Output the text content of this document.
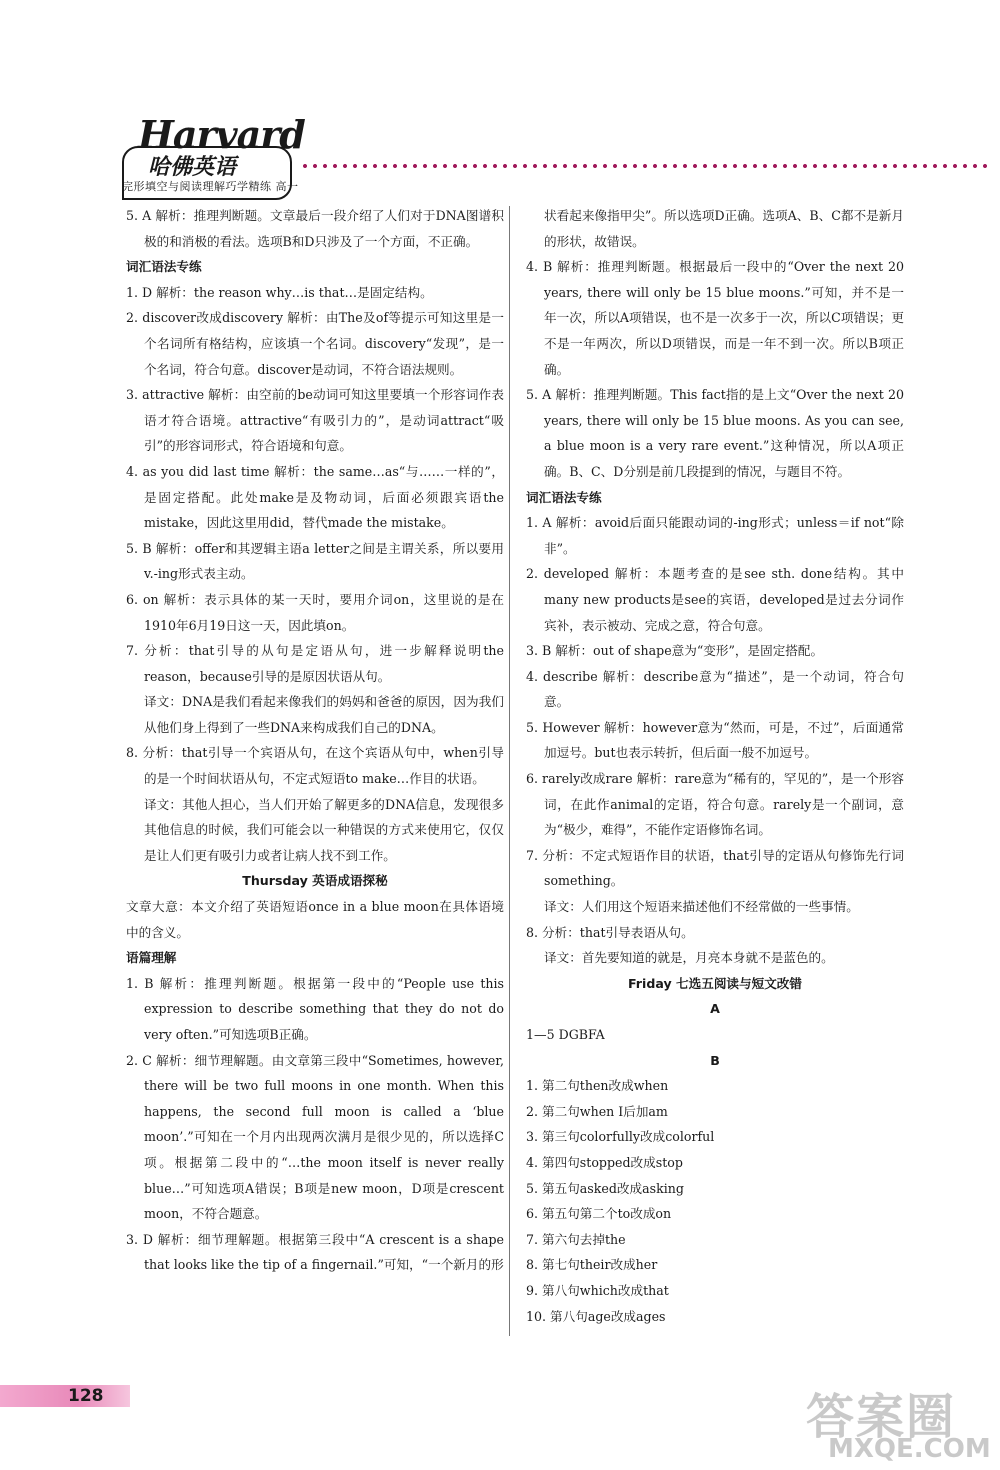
Harvard
哈佛英语
完形填空与阅读理解巧学精练 高一

5. A 解析：推理判断题。文章最后一段介绍了人们对于DNA图谱积极的和消极的看法。选项B和D只涉及了一个方面，不正确。

词汇语法专练

1. D 解析：the reason why…is that…是固定结构。

2. discover改成discovery 解析：由The及of等提示可知这里是一个名词所有格结构，应该填一个名词。discovery“发现”，是一个名词，符合句意。discover是动词，不符合语法规则。

3. attractive 解析：由空前的be动词可知这里要填一个形容词作表语才符合语境。attractive“有吸引力的”，是动词attract“吸引”的形容词形式，符合语境和句意。

4. as you did last time 解析：the same…as“与……一样的”，是固定搭配。此处make是及物动词，后面必须跟宾语the mistake，因此这里用did，替代made the mistake。

5. B 解析：offer和其逻辑主语a letter之间是主谓关系，所以要用v.-ing形式表主动。

6. on 解析：表示具体的某一天时，要用介词on，这里说的是在1910年6月19日这一天，因此填on。

7. 分析：that引导的从句是定语从句，进一步解释说明the reason，because引导的是原因状语从句。

译文：DNA是我们看起来像我们的妈妈和爸爸的原因，因为我们从他们身上得到了一些DNA来构成我们自己的DNA。

8. 分析：that引导一个宾语从句，在这个宾语从句中，when引导的是一个时间状语从句，不定式短语to make…作目的状语。

译文：其他人担心，当人们开始了解更多的DNA信息，发现很多其他信息的时候，我们可能会以一种错误的方式来使用它，仅仅是让人们更有吸引力或者让病人找不到工作。

Thursday 英语成语探秘

文章大意：本文介绍了英语短语once in a blue moon在具体语境中的含义。

语篇理解

1. B 解析：推理判断题。根据第一段中的“People use this expression to describe something that they do not do very often.”可知选项B正确。

2. C 解析：细节理解题。由文章第三段中“Sometimes, however, there will be two full moons in one month. When this happens, the second full moon is called a ‘blue moon’.”可知在一个月内出现两次满月是很少见的，所以选择C项。根据第二段中的“…the moon itself is never really blue…”可知选项A错误；B项是new moon，D项是crescent moon，不符合题意。

3. D 解析：细节理解题。根据第三段中“A crescent is a shape that looks like the tip of a fingernail.”可知，“一个新月的形

状看起来像指甲尖”。所以选项D正确。选项A、B、C都不是新月的形状，故错误。

4. B 解析：推理判断题。根据最后一段中的“Over the next 20 years, there will only be 15 blue moons.”可知，并不是一年一次，所以A项错误，也不是一次多于一次，所以C项错误；更不是一年两次，所以D项错误，而是一年不到一次。所以B项正确。

5. A 解析：推理判断题。This fact指的是上文“Over the next 20 years, there will only be 15 blue moons. As you can see, a blue moon is a very rare event.”这种情况，所以A项正确。B、C、D分别是前几段提到的情况，与题目不符。

词汇语法专练

1. A 解析：avoid后面只能跟动词的-ing形式；unless＝if not“除非”。

2. developed 解析：本题考查的是see sth. done结构。其中many new products是see的宾语，developed是过去分词作宾补，表示被动、完成之意，符合句意。

3. B 解析：out of shape意为“变形”，是固定搭配。

4. describe 解析：describe意为“描述”，是一个动词，符合句意。

5. However 解析：however意为“然而，可是，不过”，后面通常加逗号。but也表示转折，但后面一般不加逗号。

6. rarely改成rare 解析：rare意为“稀有的，罕见的”，是一个形容词，在此作animal的定语，符合句意。rarely是一个副词，意为“极少，难得”，不能作定语修饰名词。

7. 分析：不定式短语作目的状语，that引导的定语从句修饰先行词something。

译文：人们用这个短语来描述他们不经常做的一些事情。

8. 分析：that引导表语从句。

译文：首先要知道的就是，月亮本身就不是蓝色的。

Friday 七选五阅读与短文改错

A

1—5 DGBFA

B

1. 第二句then改成when

2. 第二句when I后加am

3. 第三句colorfully改成colorful

4. 第四句stopped改成stop

5. 第五句asked改成asking

6. 第五句第二个to改成on

7. 第六句去掉the

8. 第七句their改成her

9. 第八句which改成that

10. 第八句age改成ages

128	答案圈
MXQE.COM
